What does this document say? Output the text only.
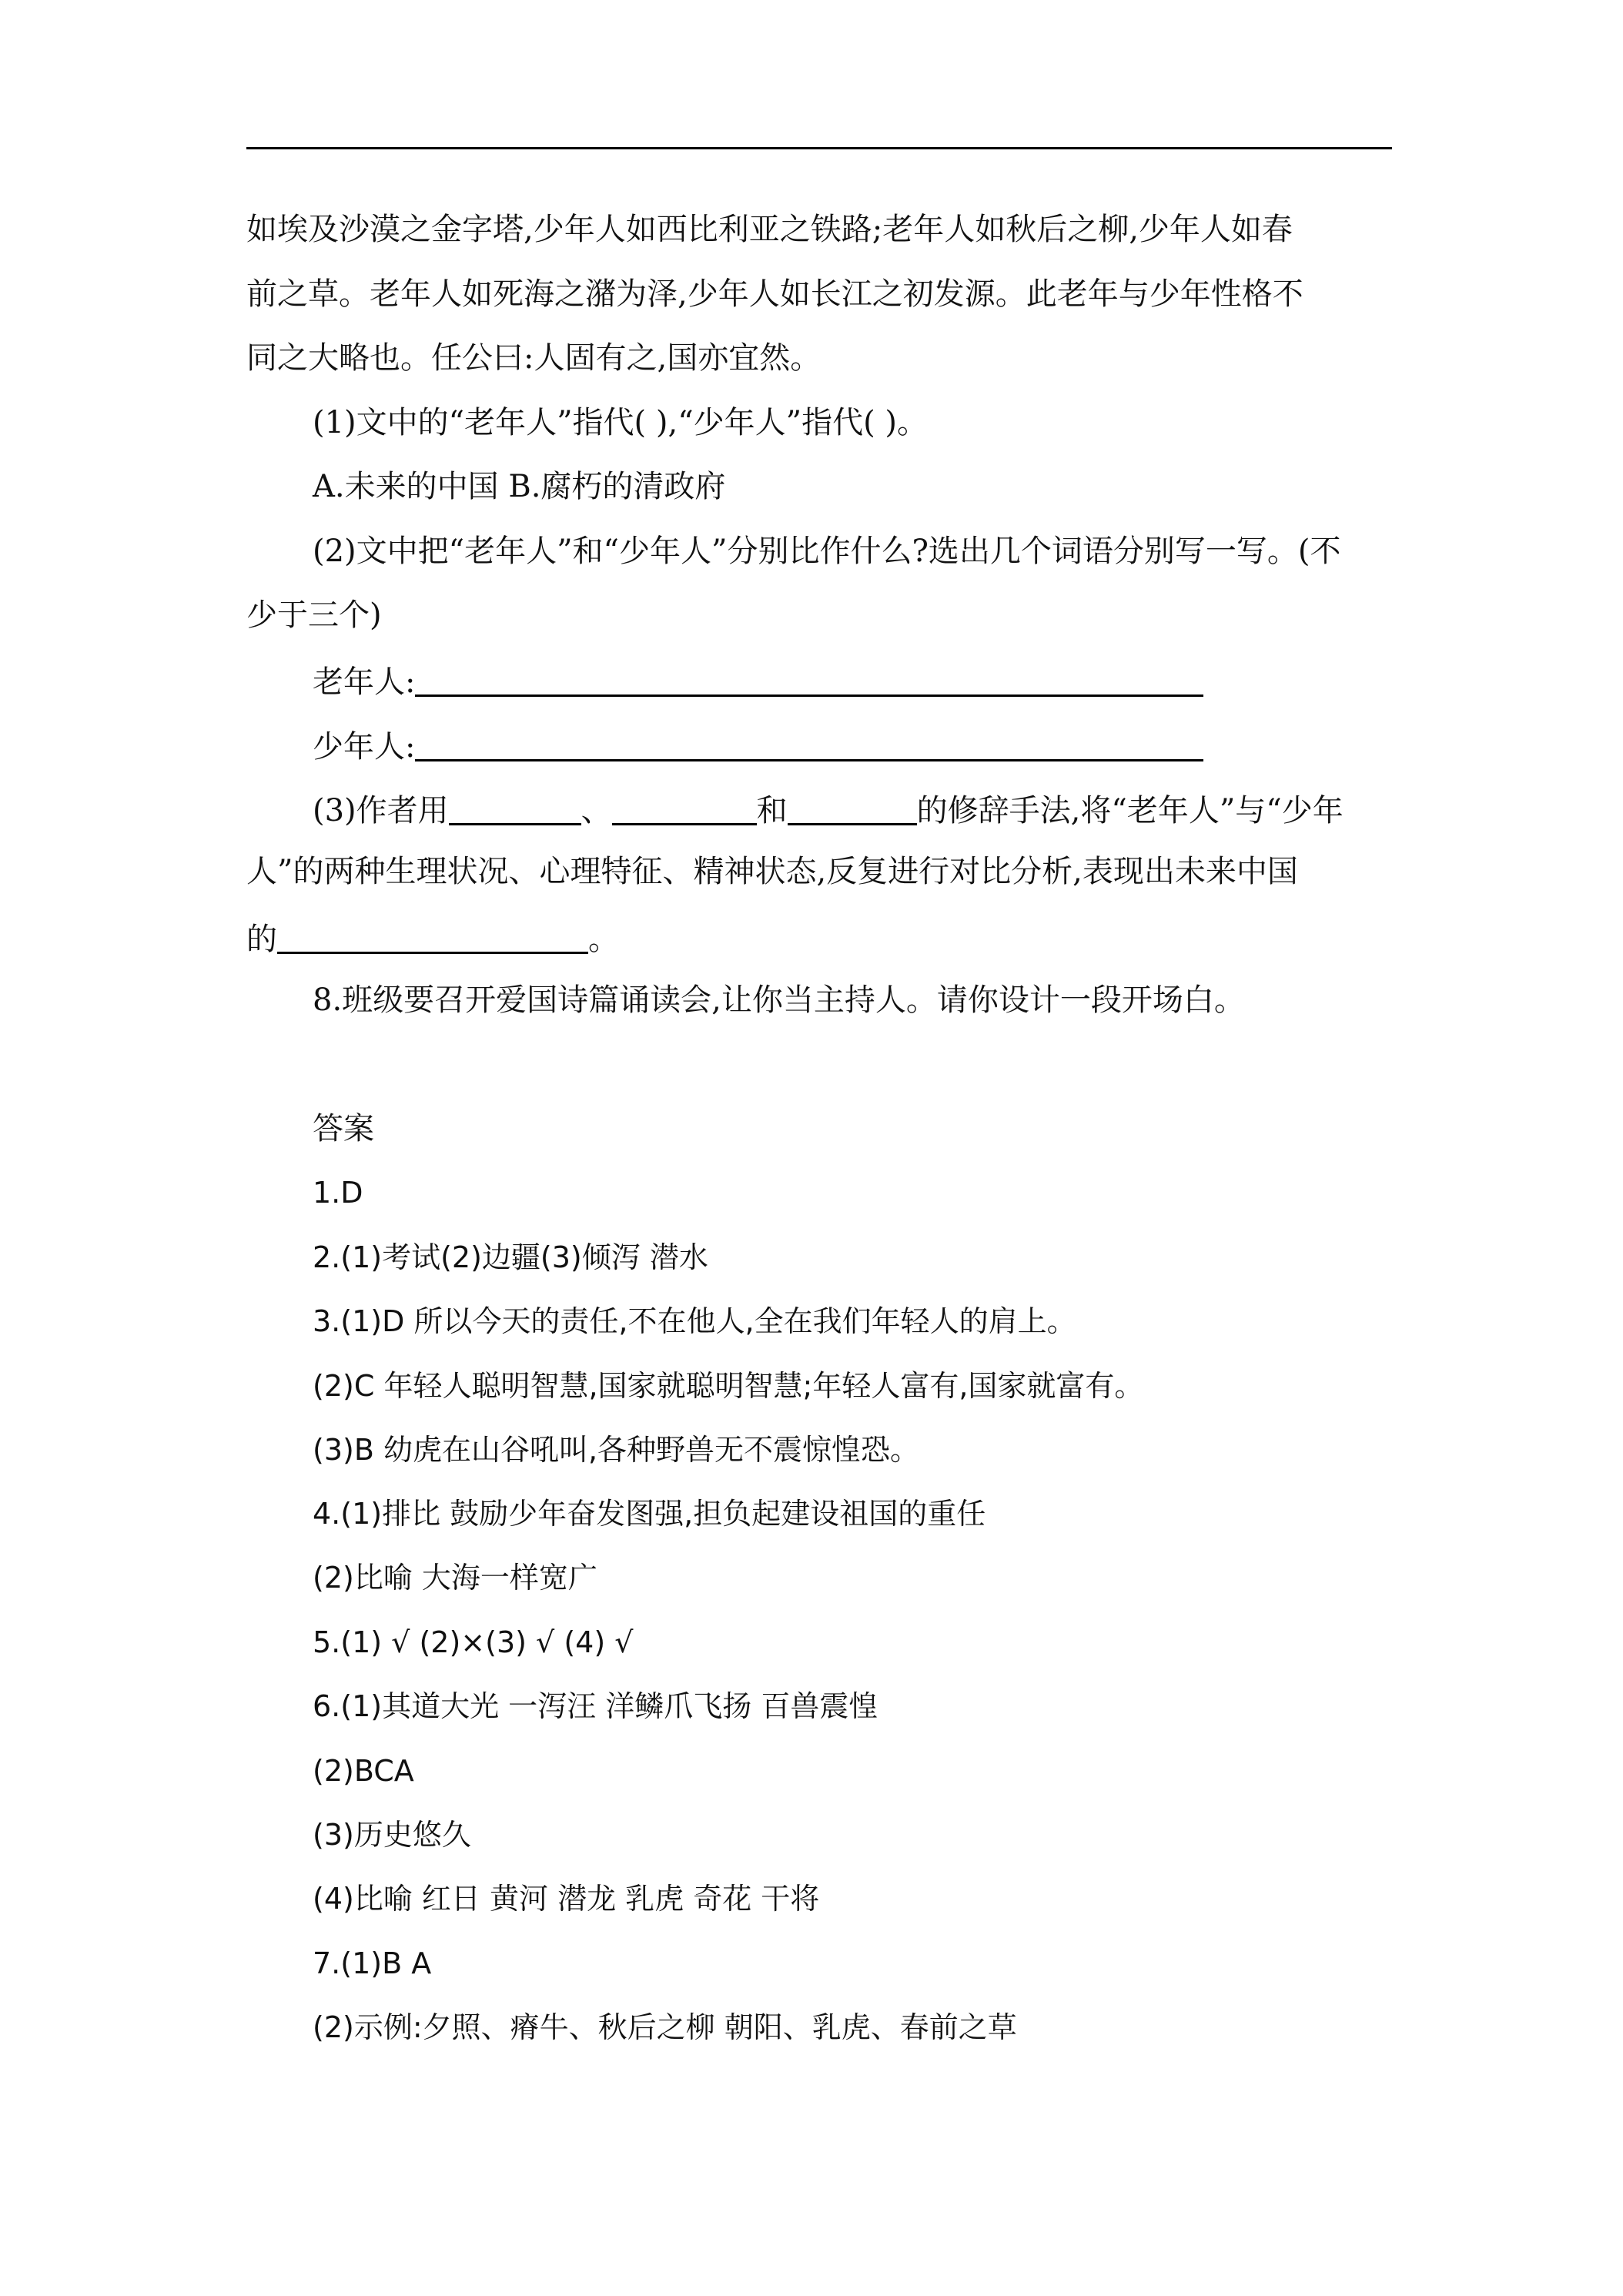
如埃及沙漠之金字塔,少年人如西比利亚之铁路;老年人如秋后之柳,少年人如春
前之草。老年人如死海之潴为泽,少年人如长江之初发源。此老年与少年性格不
同之大略也。任公曰:人固有之,国亦宜然。
(1)文中的“老年人”指代( ),“少年人”指代( )。
A.未来的中国 B.腐朽的清政府
(2)文中把“老年人”和“少年人”分别比作什么?选出几个词语分别写一写。(不
少于三个)
老年人:
少年人:
(3)作者用	、	和	的修辞手法,将“老年人”与“少年
人”的两种生理状况、心理特征、精神状态,反复进行对比分析,表现出未来中国
的	。
8.班级要召开爱国诗篇诵读会,让你当主持人。请你设计一段开场白。
答案
1.D
2.(1)考试(2)边疆(3)倾泻 潜水
3.(1)D 所以今天的责任,不在他人,全在我们年轻人的肩上。
(2)C 年轻人聪明智慧,国家就聪明智慧;年轻人富有,国家就富有。
(3)B 幼虎在山谷吼叫,各种野兽无不震惊惶恐。
4.(1)排比 鼓励少年奋发图强,担负起建设祖国的重任
(2)比喻 大海一样宽广
5.(1) √ (2)×(3) √ (4) √
6.(1)其道大光 一泻汪 洋鳞爪飞扬 百兽震惶
(2)BCA
(3)历史悠久
(4)比喻 红日 黄河 潜龙 乳虎 奇花 干将
7.(1)B A
(2)示例:夕照、瘠牛、秋后之柳 朝阳、乳虎、春前之草
